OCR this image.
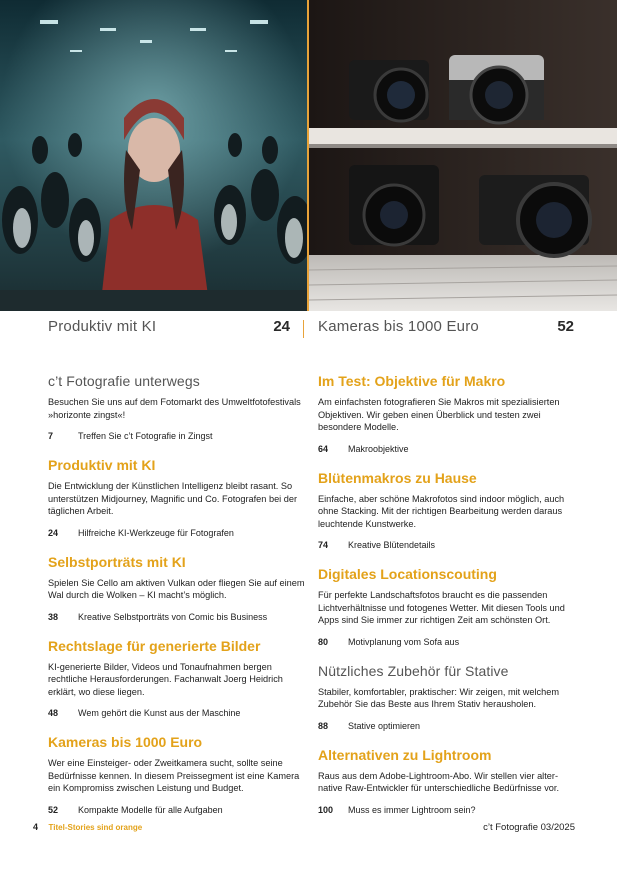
Produktiv mit KI	24 Kameras bis 1000 Euro	52
c’t Fotografie unterwegs

Besuchen Sie uns auf dem Fotomarkt des Umweltfotofestivals »horizonte zingst«!

7	Treffen Sie c’t Fotografie in Zingst
Produktiv mit KI

Die Entwicklung der Künstlichen Intelligenz bleibt rasant. So unterstützen Midjourney, Magnific und Co. Fotografen bei der täglichen Arbeit.

24	Hilfreiche KI-Werkzeuge für Fotografen
Selbstporträts mit KI

Spielen Sie Cello am aktiven Vulkan oder fliegen Sie auf einem Wal durch die Wolken – KI macht’s möglich.

38	Kreative Selbstporträts von Comic bis Business
Rechtslage für generierte Bilder

KI-generierte Bilder, Videos und Tonaufnahmen bergen rechtliche Herausforderungen. Fachanwalt Joerg Heidrich erklärt, wo diese liegen.

48	Wem gehört die Kunst aus der Maschine
Kameras bis 1000 Euro

Wer eine Einsteiger- oder Zweitkamera sucht, sollte seine Bedürfnisse kennen. In diesem Preissegment ist eine Kamera ein Kompromiss zwischen Leistung und Budget.

52	Kompakte Modelle für alle Aufgaben
Im Test: Objektive für Makro

Am einfachsten fotografieren Sie Makros mit spezialisierten Objektiven. Wir geben einen Überblick und testen zwei besondere Modelle.

64	Makroobjektive
Blütenmakros zu Hause

Einfache, aber schöne Makrofotos sind indoor möglich, auch ohne Stacking. Mit der richtigen Bearbeitung werden daraus leuchtende Kunstwerke.

74	Kreative Blütendetails
Digitales Locationscouting

Für perfekte Landschaftsfotos braucht es die passenden Lichtverhältnisse und fotogenes Wetter. Mit diesen Tools und Apps sind Sie immer zur richtigen Zeit am schönsten Ort.

80	Motivplanung vom Sofa aus
Nützliches Zubehör für Stative

Stabiler, komfortabler, praktischer: Wir zeigen, mit welchem Zubehör Sie das Beste aus Ihrem Stativ herausholen.

88	Stative optimieren
Alternativen zu Lightroom

Raus aus dem Adobe-Lightroom-Abo. Wir stellen vier alter-native Raw-Entwickler für unterschiedliche Bedürfnisse vor.

100	Muss es immer Lightroom sein?
4 Titel-Stories sind orange	c’t Fotografie 03/2025
